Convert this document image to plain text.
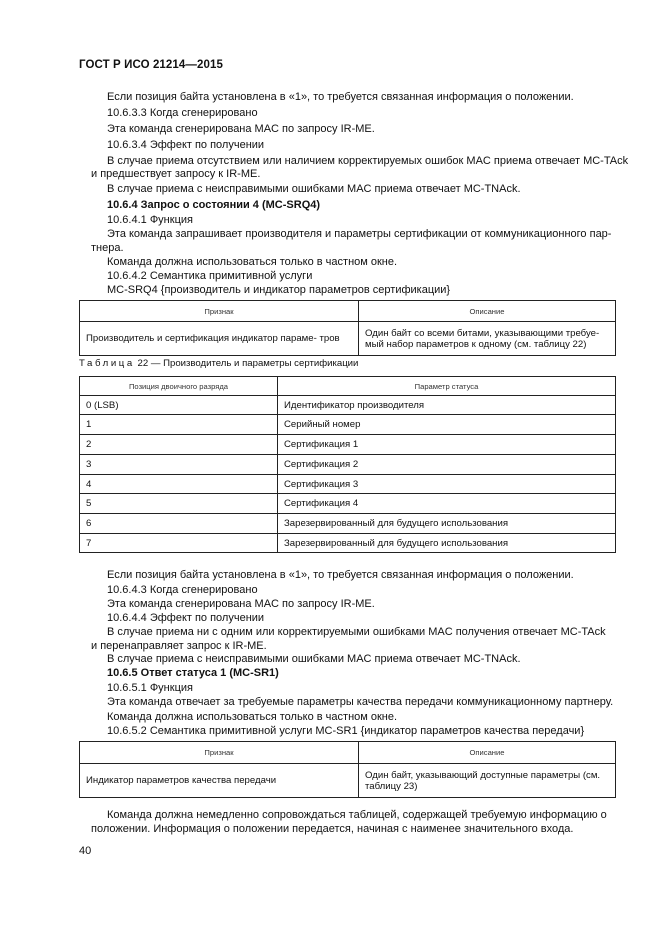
ГОСТ Р ИСО 21214—2015
Если позиция байта установлена в «1», то требуется связанная информация о положении.
10.6.3.3 Когда сгенерировано
Эта команда сгенерирована MAC по запросу IR-ME.
10.6.3.4 Эффект по получении
В случае приема отсутствием или наличием корректируемых ошибок MAC приема отвечает MC-TAck
и предшествует запросу к IR-ME.
В случае приема с неисправимыми ошибками MAC приема отвечает MC-TNAck.
10.6.4 Запрос о состоянии 4 (MC-SRQ4)
10.6.4.1 Функция
Эта команда запрашивает производителя и параметры сертификации от коммуникационного пар-
тнера.
Команда должна использоваться только в частном окне.
10.6.4.2 Семантика примитивной услуги
MC-SRQ4 {производитель и индикатор параметров сертификации}
Признак	Описание
Производитель и сертификация индикатор параме- тров	Один байт со всеми битами, указывающими требуе- мый набор параметров к одному (см. таблицу 22)
Таблица 22 — Производитель и параметры сертификации
Позиция двоичного разряда	Параметр статуса
0 (LSB)	Идентификатор производителя
1	Серийный номер
2	Сертификация 1
3	Сертификация 2
4	Сертификация 3
5	Сертификация 4
6	Зарезервированный для будущего использования
7	Зарезервированный для будущего использования
Если позиция байта установлена в «1», то требуется связанная информация о положении.
10.6.4.3 Когда сгенерировано
Эта команда сгенерирована MAC по запросу IR-ME.
10.6.4.4 Эффект по получении
В случае приема ни с одним или корректируемыми ошибками MAC получения отвечает MC-TAck
и перенаправляет запрос к IR-ME.
В случае приема с неисправимыми ошибками MAC приема отвечает MC-TNAck.
10.6.5 Ответ статуса 1 (MC-SR1)
10.6.5.1 Функция
Эта команда отвечает за требуемые параметры качества передачи коммуникационному партнеру.
Команда должна использоваться только в частном окне.
10.6.5.2 Семантика примитивной услуги MC-SR1 {индикатор параметров качества передачи}
Признак	Описание
Индикатор параметров качества передачи	Один байт, указывающий доступные параметры (см. таблицу 23)
Команда должна немедленно сопровождаться таблицей, содержащей требуемую информацию о
положении. Информация о положении передается, начиная с наименее значительного входа.
40
